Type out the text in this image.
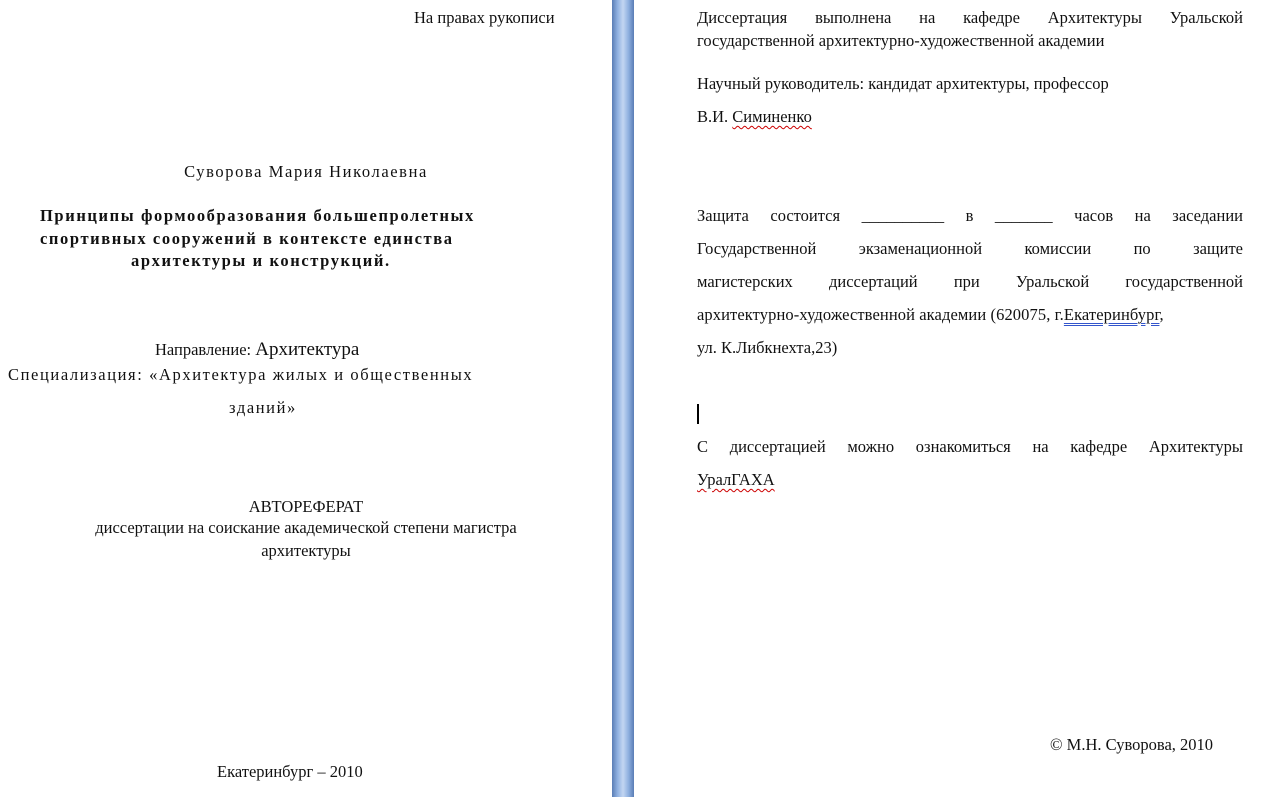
На правах рукописи
Суворова Мария Николаевна
Принципы формообразования большепролетных
спортивных сооружений в контексте единства
архитектуры и конструкций.
Направление: Архитектура
Специализация: «Архитектура жилых и общественных
зданий»
АВТОРЕФЕРАТ
диссертации на соискание академической степени магистра
архитектуры
Екатеринбург – 2010
Диссертация выполнена на кафедре Архитектуры Уральской
государственной архитектурно-художественной академии
Научный руководитель: кандидат архитектуры, профессор
В.И. Симиненко
Защита состоится __________ в _______ часов на заседании
Государственной экзаменационной комиссии по защите
магистерских диссертаций при Уральской государственной
архитектурно-художественной академии (620075, г.Екатеринбург,
ул. К.Либкнехта,23)
С диссертацией можно ознакомиться на кафедре Архитектуры
УралГАХА
© М.Н. Суворова, 2010
